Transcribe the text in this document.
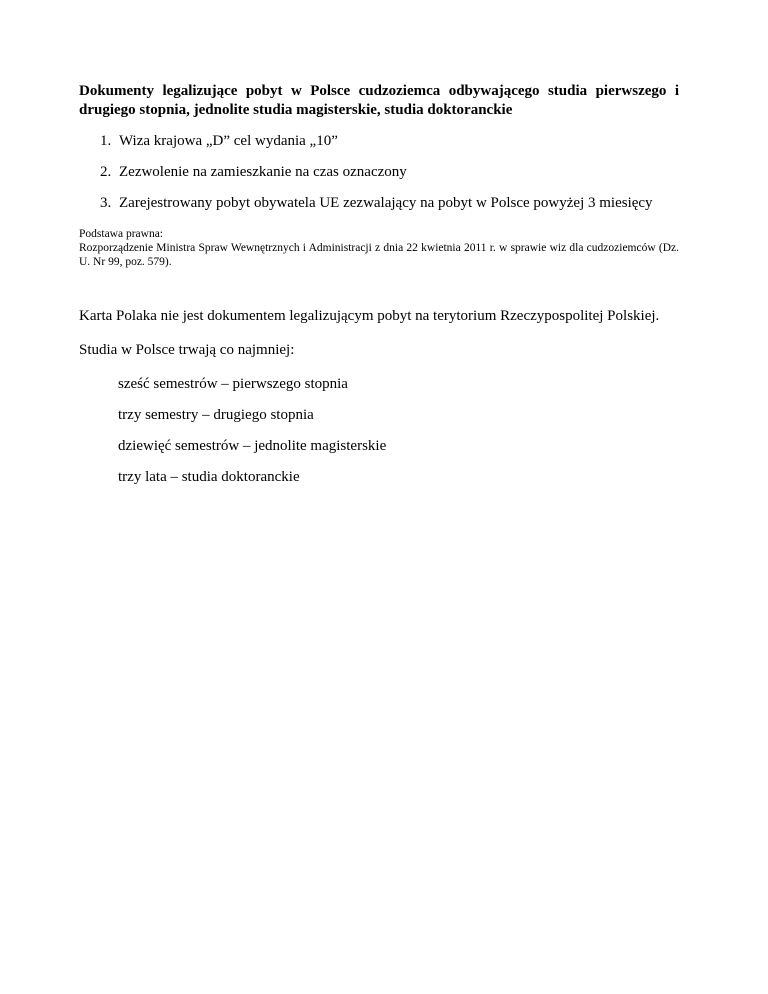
Dokumenty legalizujące pobyt w Polsce cudzoziemca odbywającego studia pierwszego i drugiego stopnia, jednolite studia magisterskie, studia doktoranckie

1. Wiza krajowa „D” cel wydania „10”
2. Zezwolenie na zamieszkanie na czas oznaczony
3. Zarejestrowany pobyt obywatela UE zezwalający na pobyt w Polsce powyżej 3 miesięcy
Podstawa prawna:
Rozporządzenie Ministra Spraw Wewnętrznych i Administracji z dnia 22 kwietnia 2011 r. w sprawie wiz dla cudzoziemców (Dz. U. Nr 99, poz. 579).

Karta Polaka nie jest dokumentem legalizującym pobyt na terytorium Rzeczypospolitej Polskiej.

Studia w Polsce trwają co najmniej:

sześć semestrów – pierwszego stopnia
trzy semestry – drugiego stopnia
dziewięć semestrów – jednolite magisterskie
trzy lata – studia doktoranckie
